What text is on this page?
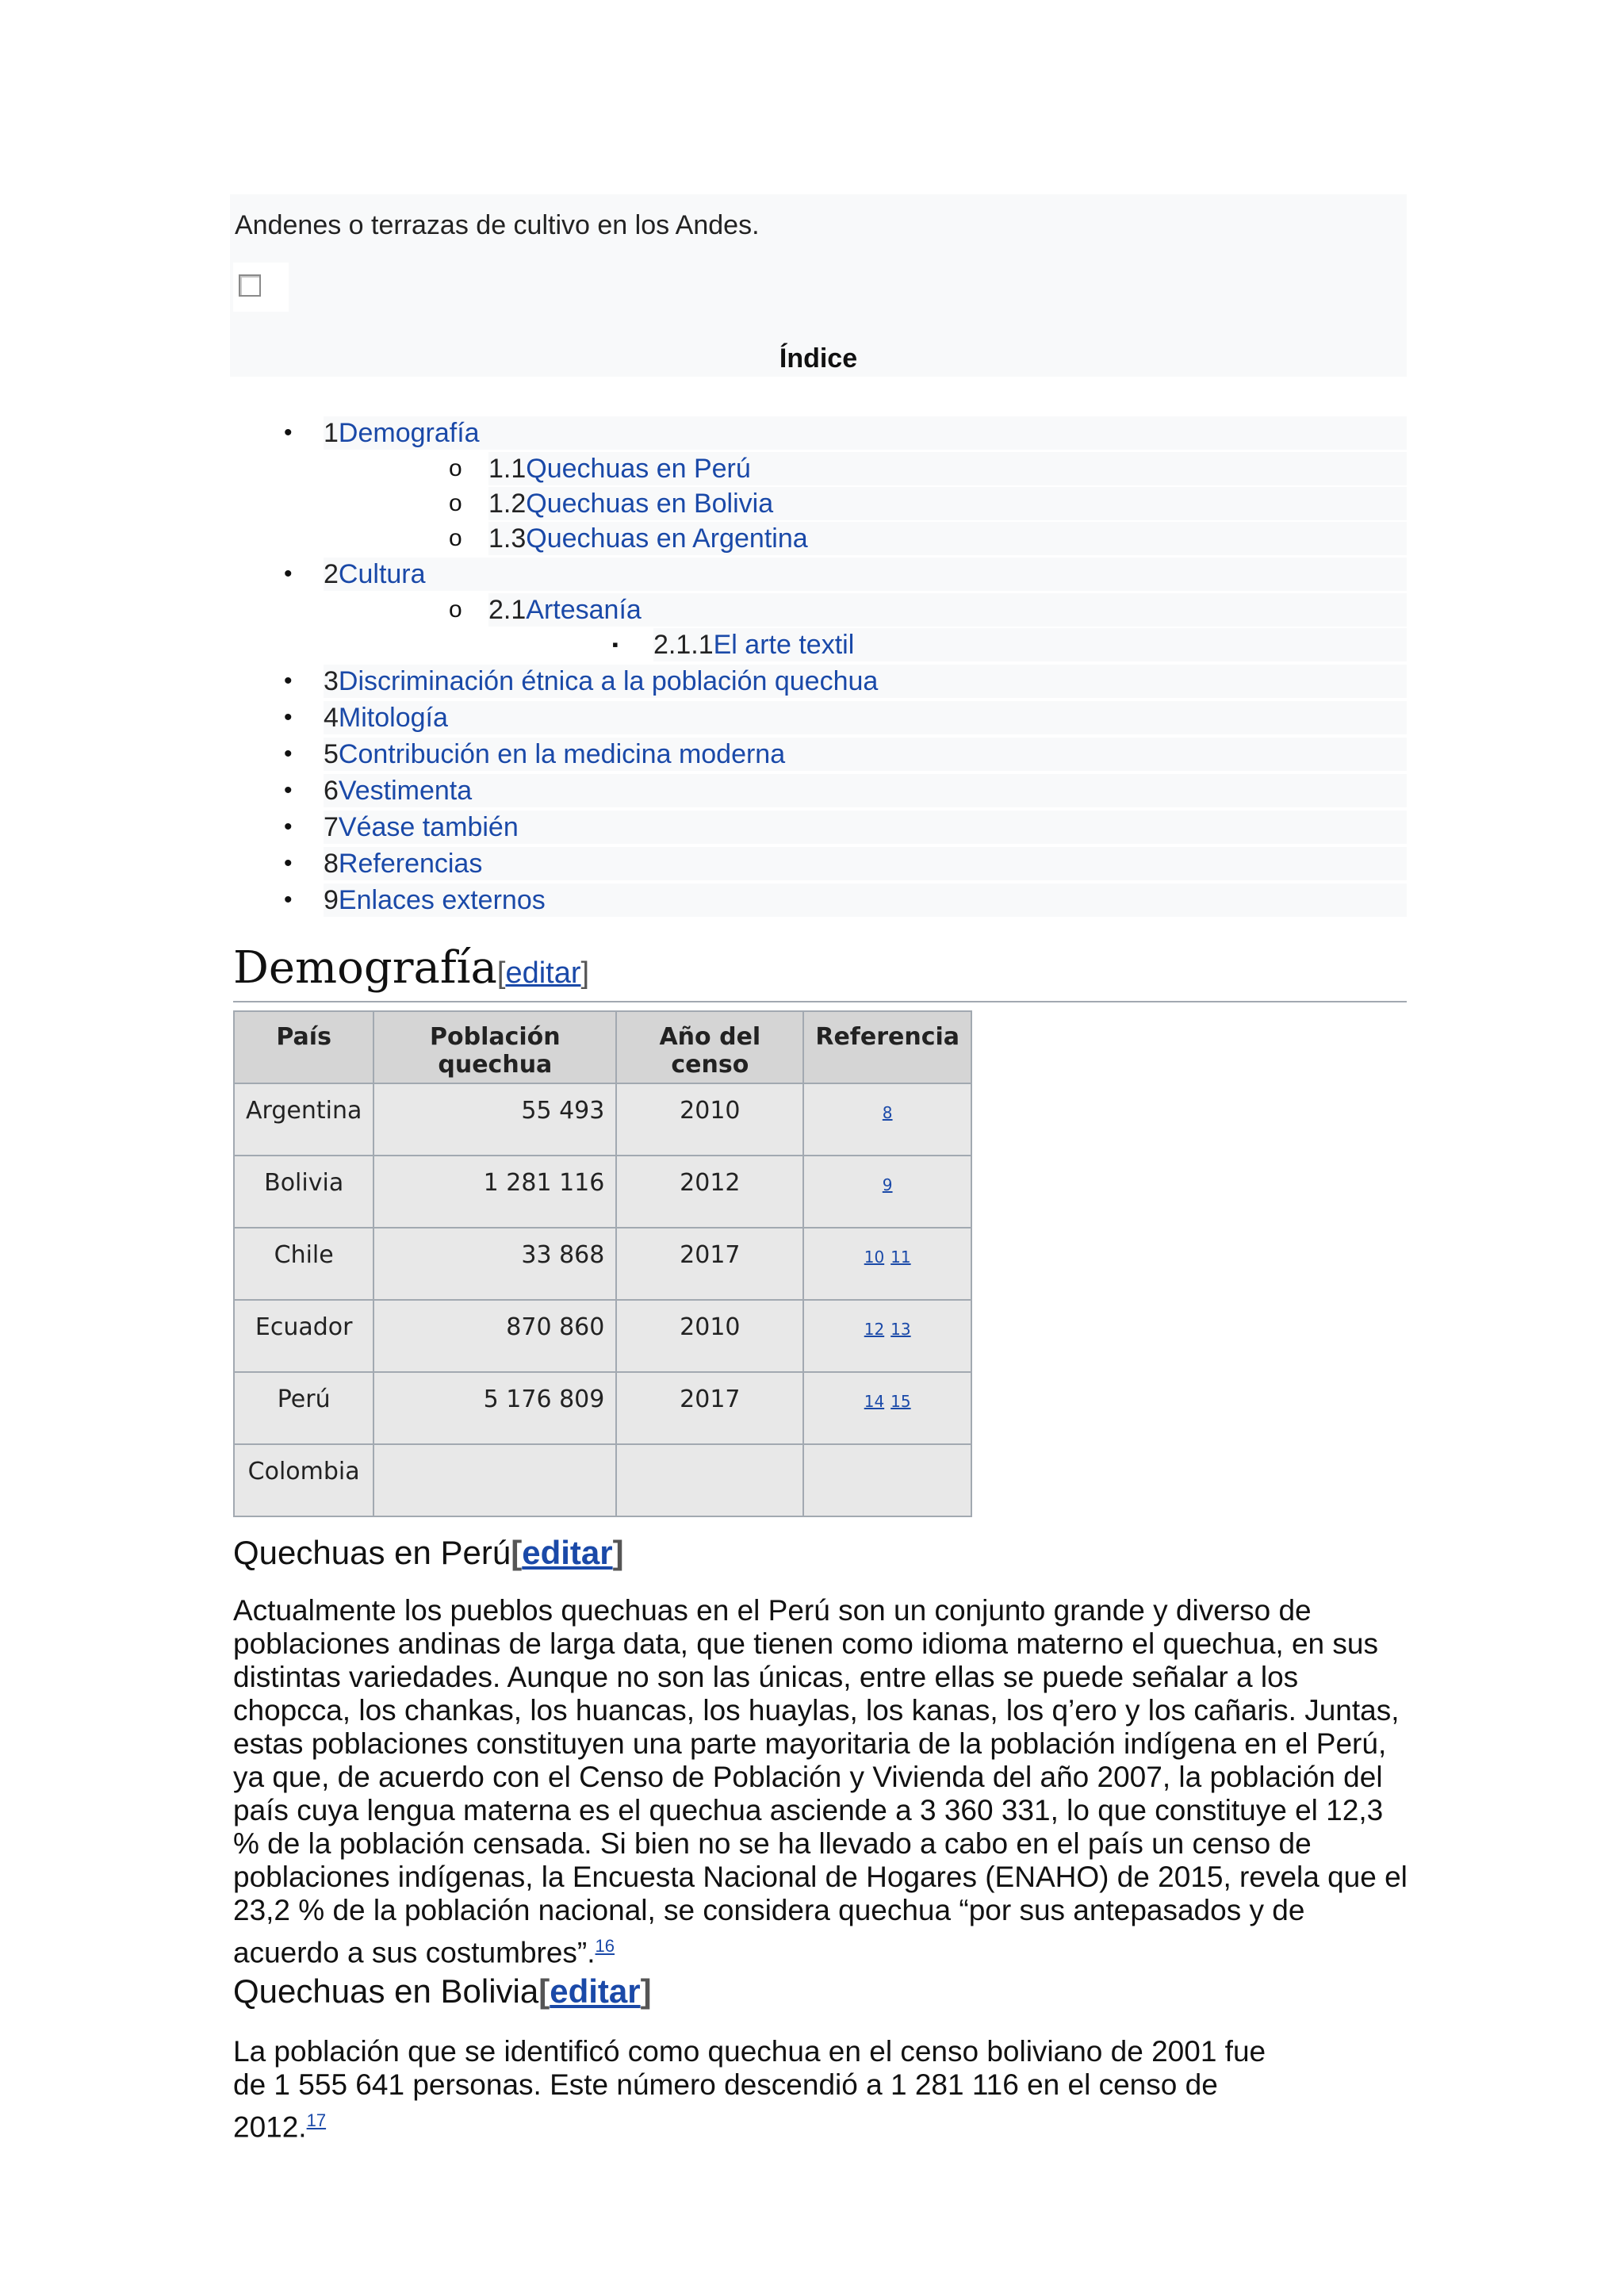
Andenes o terrazas de cultivo en los Andes.
Índice
• 1Demografía
o 1.1Quechuas en Perú
o 1.2Quechuas en Bolivia
o 1.3Quechuas en Argentina
• 2Cultura
o 2.1Artesanía
▪ 2.1.1El arte textil
• 3Discriminación étnica a la población quechua
• 4Mitología
• 5Contribución en la medicina moderna
• 6Vestimenta
• 7Véase también
• 8Referencias
• 9Enlaces externos
Demografía[editar]
País	Población quechua	Año del censo	Referencia
Argentina	55 493	2010	8
Bolivia	1 281 116	2012	9
Chile	33 868	2017	10 11
Ecuador	870 860	2010	12 13
Perú	5 176 809	2017	14 15
Colombia			
Quechuas en Perú[editar]
Actualmente los pueblos quechuas en el Perú son un conjunto grande y diverso de poblaciones andinas de larga data, que tienen como idioma materno el quechua, en sus distintas variedades. Aunque no son las únicas, entre ellas se puede señalar a los chopcca, los chankas, los huancas, los huaylas, los kanas, los q’ero y los cañaris. Juntas, estas poblaciones constituyen una parte mayoritaria de la población indígena en el Perú, ya que, de acuerdo con el Censo de Población y Vivienda del año 2007, la población del país cuya lengua materna es el quechua asciende a 3 360 331, lo que constituye el 12,3 % de la población censada. Si bien no se ha llevado a cabo en el país un censo de poblaciones indígenas, la Encuesta Nacional de Hogares (ENAHO) de 2015, revela que el 23,2 % de la población nacional, se considera quechua “por sus antepasados y de acuerdo a sus costumbres”.$^{16}$
Quechuas en Bolivia[editar]
La población que se identificó como quechua en el censo boliviano de 2001 fue de 1 555 641 personas. Este número descendió a 1 281 116 en el censo de 2012.17
